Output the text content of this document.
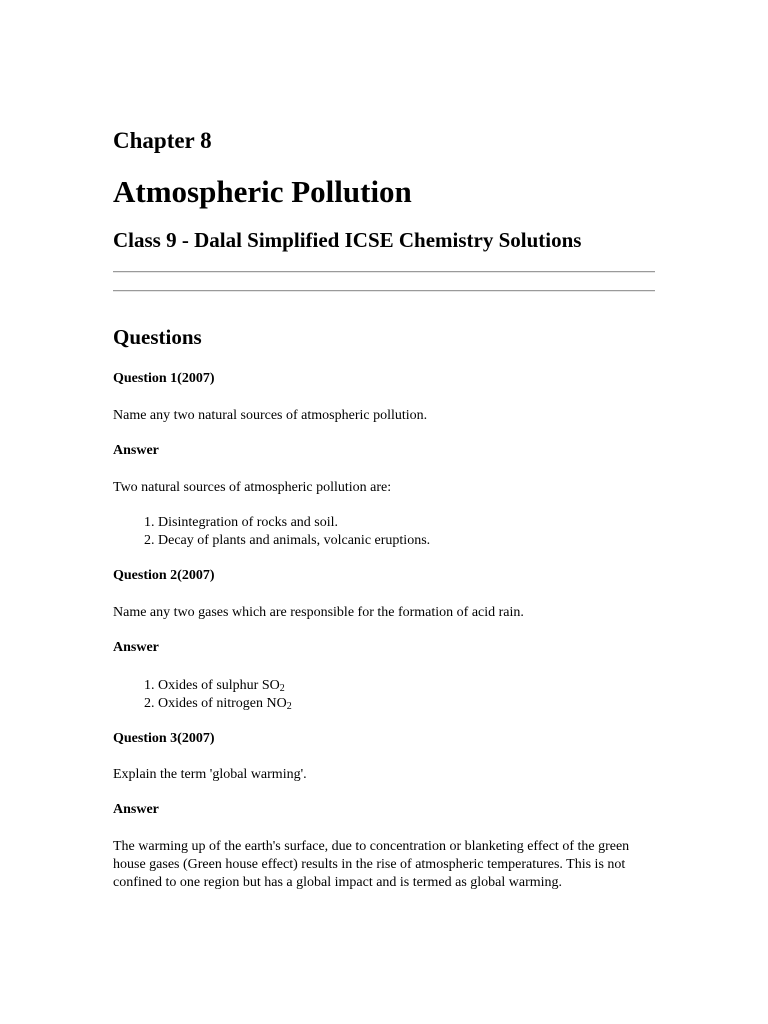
Chapter 8
Atmospheric Pollution
Class 9 - Dalal Simplified ICSE Chemistry Solutions
Questions

Question 1(2007)

Name any two natural sources of atmospheric pollution.

Answer

Two natural sources of atmospheric pollution are:

1. Disintegration of rocks and soil.
2. Decay of plants and animals, volcanic eruptions.

Question 2(2007)

Name any two gases which are responsible for the formation of acid rain.

Answer

1. Oxides of sulphur $SO_2$
2. Oxides of nitrogen $NO_2$

Question 3(2007)

Explain the term 'global warming'.

Answer

The warming up of the earth's surface, due to concentration or blanketing effect of the green house gases (Green house effect) results in the rise of atmospheric temperatures. This is not confined to one region but has a global impact and is termed as global warming.
